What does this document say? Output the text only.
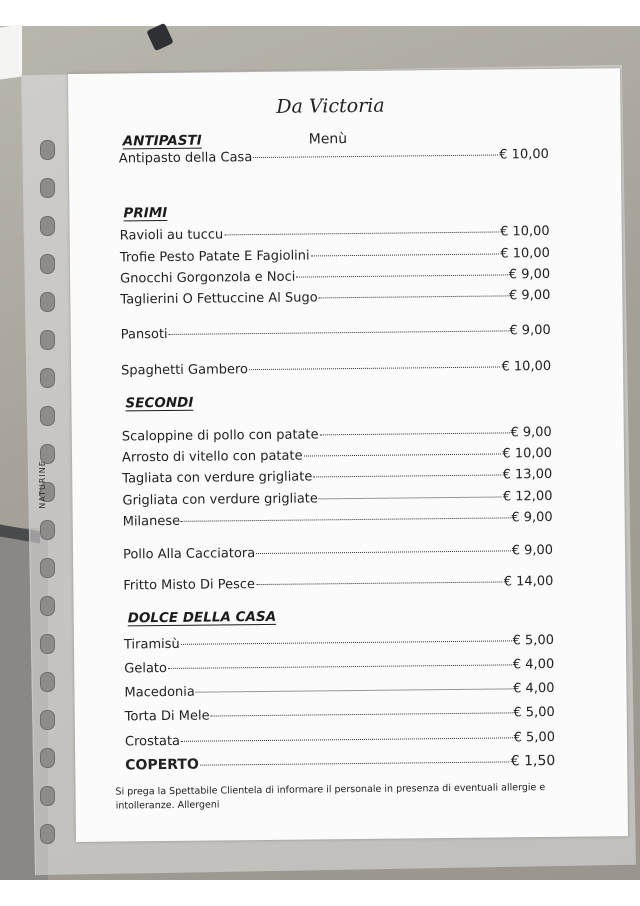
NATURINE
Da Victoria
Menù
ANTIPASTI
Antipasto della Casa	€ 10,00
PRIMI
Ravioli au tuccu	€ 10,00
Trofie Pesto Patate E Fagiolini	€ 10,00
Gnocchi Gorgonzola e Noci	€ 9,00
Taglierini O Fettuccine Al Sugo	€ 9,00
Pansoti	€ 9,00
Spaghetti Gambero	€ 10,00
SECONDI
Scaloppine di pollo con patate	€ 9,00
Arrosto di vitello con patate	€ 10,00
Tagliata con verdure grigliate	€ 13,00
Grigliata con verdure grigliate	€ 12,00
Milanese	€ 9,00
Pollo Alla Cacciatora	€ 9,00
Fritto Misto Di Pesce	€ 14,00
DOLCE DELLA CASA
Tiramisù	€ 5,00
Gelato	€ 4,00
Macedonia	€ 4,00
Torta Di Mele	€ 5,00
Crostata	€ 5,00
COPERTO	€ 1,50
Si prega la Spettabile Clientela di informare il personale in presenza di eventuali allergie e intolleranze. Allergeni
